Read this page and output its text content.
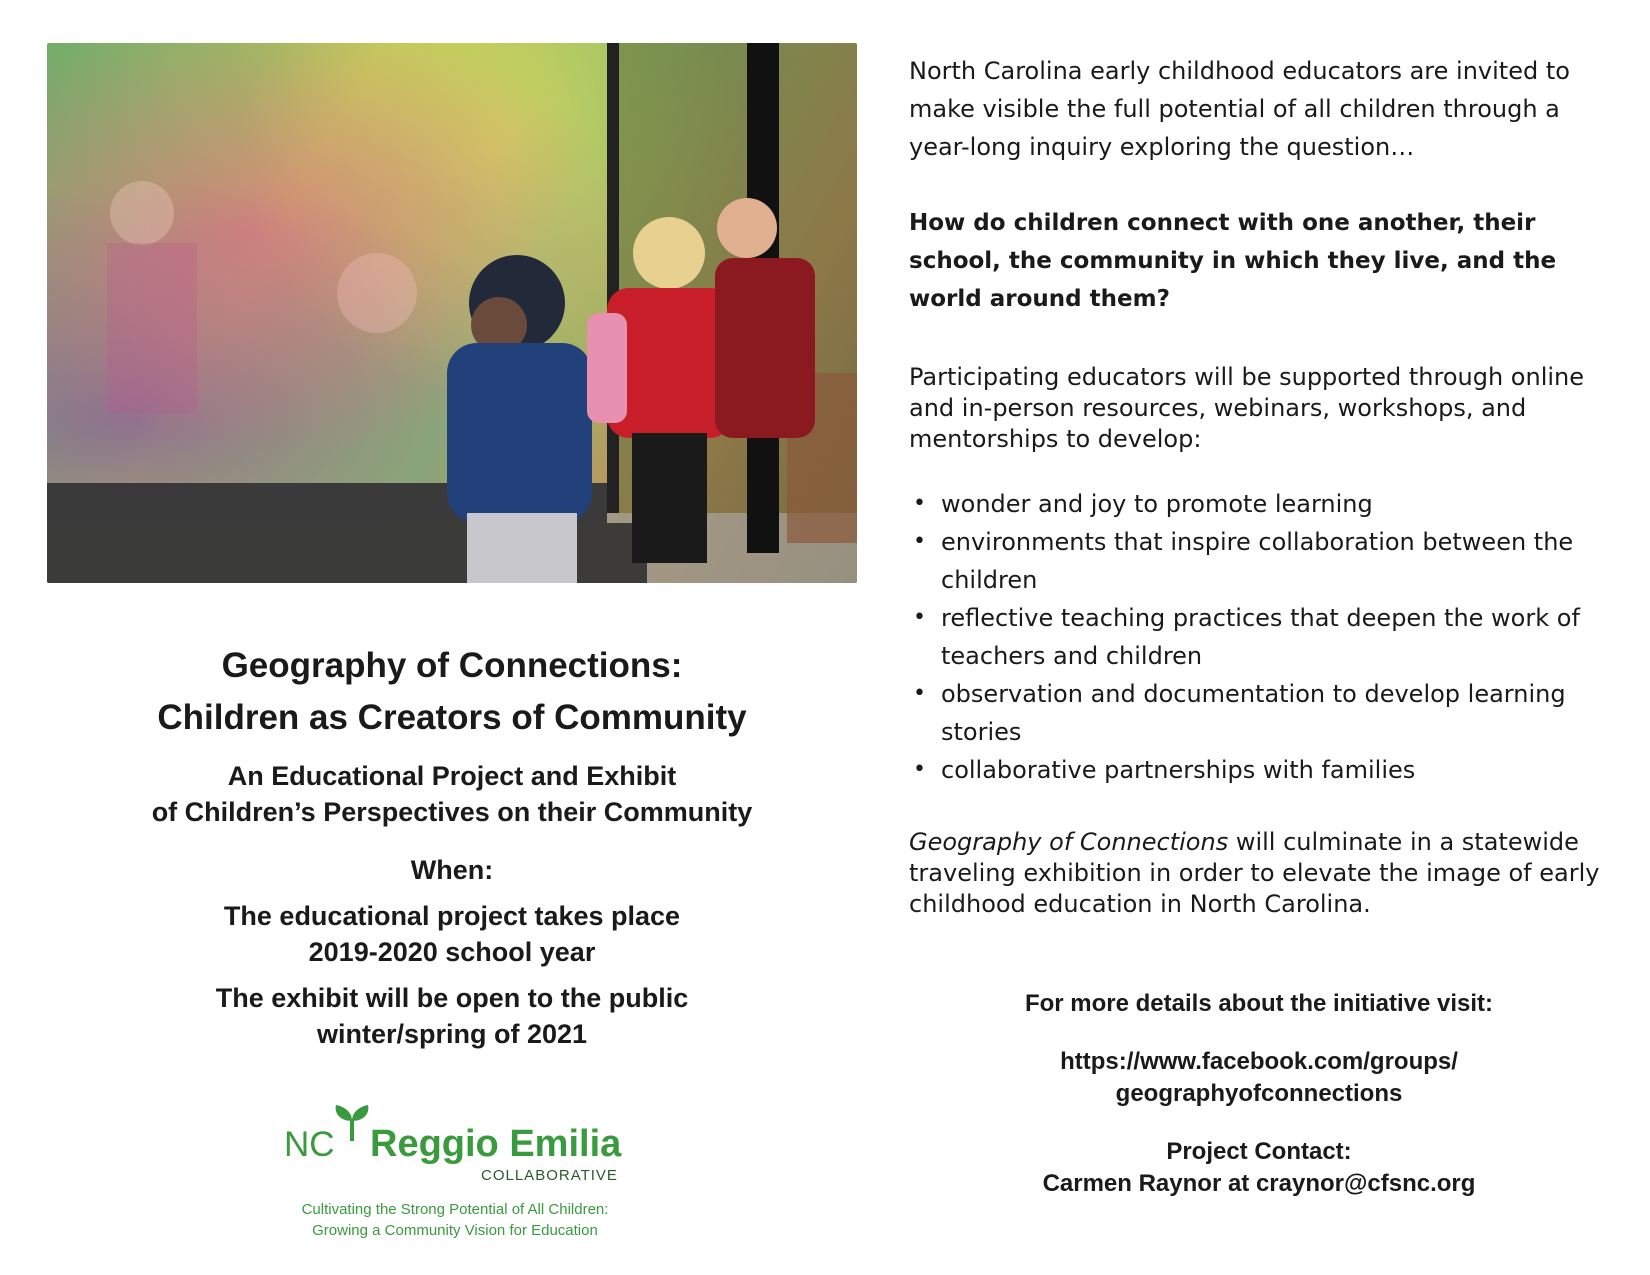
Geography of Connections:
Children as Creators of Community

An Educational Project and Exhibit
of Children’s Perspectives on their Community

When:

The educational project takes place
2019-2020 school year

The exhibit will be open to the public
winter/spring of 2021

NC Reggio Emilia
COLLABORATIVE
Cultivating the Strong Potential of All Children:
Growing a Community Vision for Education

North Carolina early childhood educators are invited to make visible the full potential of all children through a year-long inquiry exploring the question…

How do children connect with one another, their school, the community in which they live, and the world around them?

Participating educators will be supported through online and in-person resources, webinars, workshops, and mentorships to develop:

• wonder and joy to promote learning
• environments that inspire collaboration between the children
• reflective teaching practices that deepen the work of teachers and children
• observation and documentation to develop learning stories
• collaborative partnerships with families

Geography of Connections will culminate in a statewide traveling exhibition in order to elevate the image of early childhood education in North Carolina.

For more details about the initiative visit:

https://www.facebook.com/groups/
geographyofconnections

Project Contact:

Carmen Raynor at craynor@cfsnc.org
